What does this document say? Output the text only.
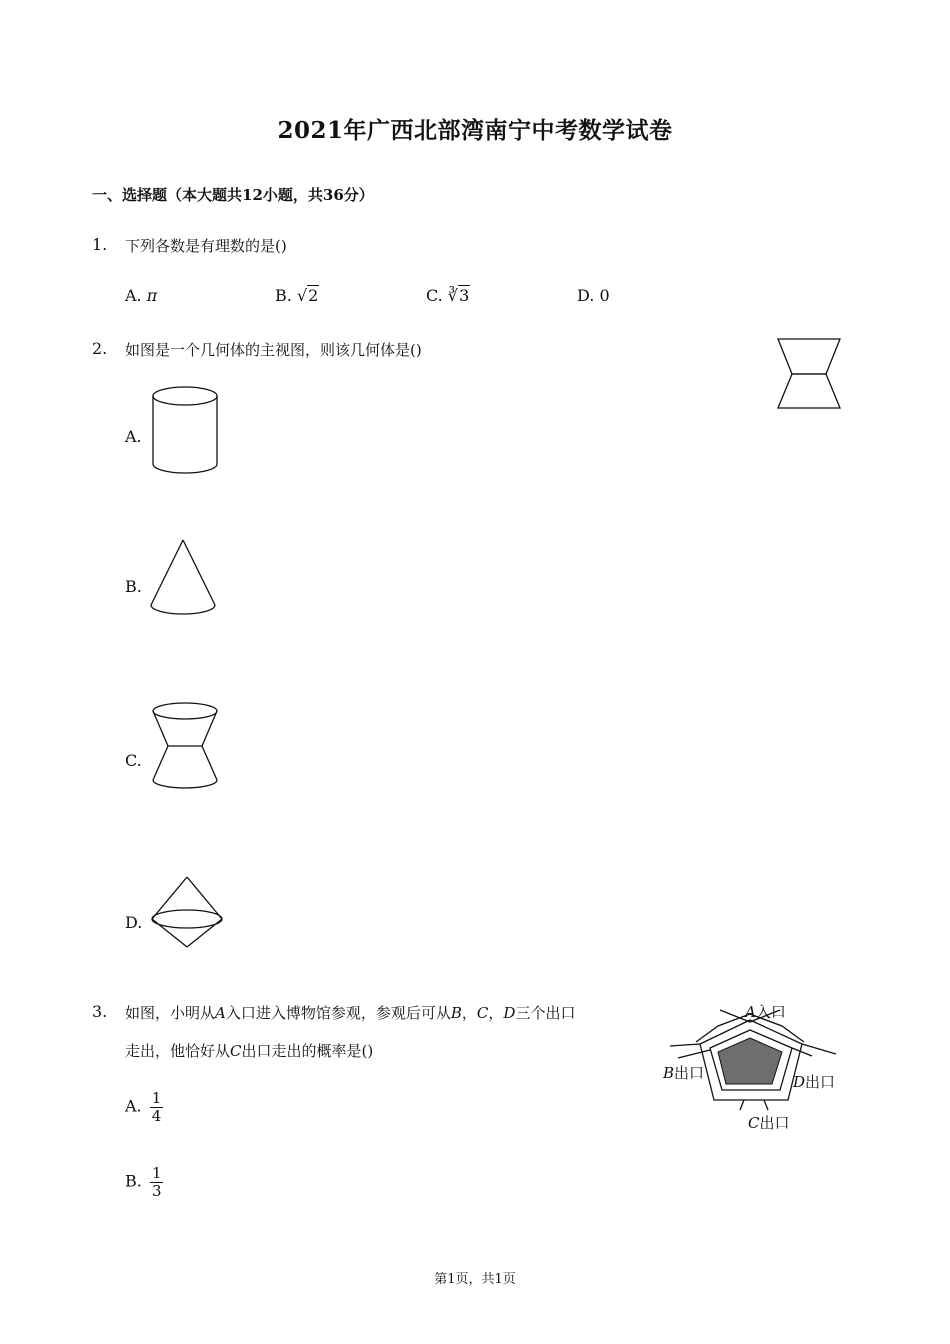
2021年广西北部湾南宁中考数学试卷
一、选择题（本大题共12小题，共36分）
1. 下列各数是有理数的是()
A. π	B. √2	C. ∛3	D. 0
2. 如图是一个几何体的主视图，则该几何体是()
A.
B.
C.
D.
3. 如图，小明从A入口进入博物馆参观，参观后可从B，C，D三个出口
走出，他恰好从C出口走出的概率是()
A入口
B出口	D出口
C出口
A. $\frac{1}{4}$
B. $\frac{1}{3}$
第1页，共1页
